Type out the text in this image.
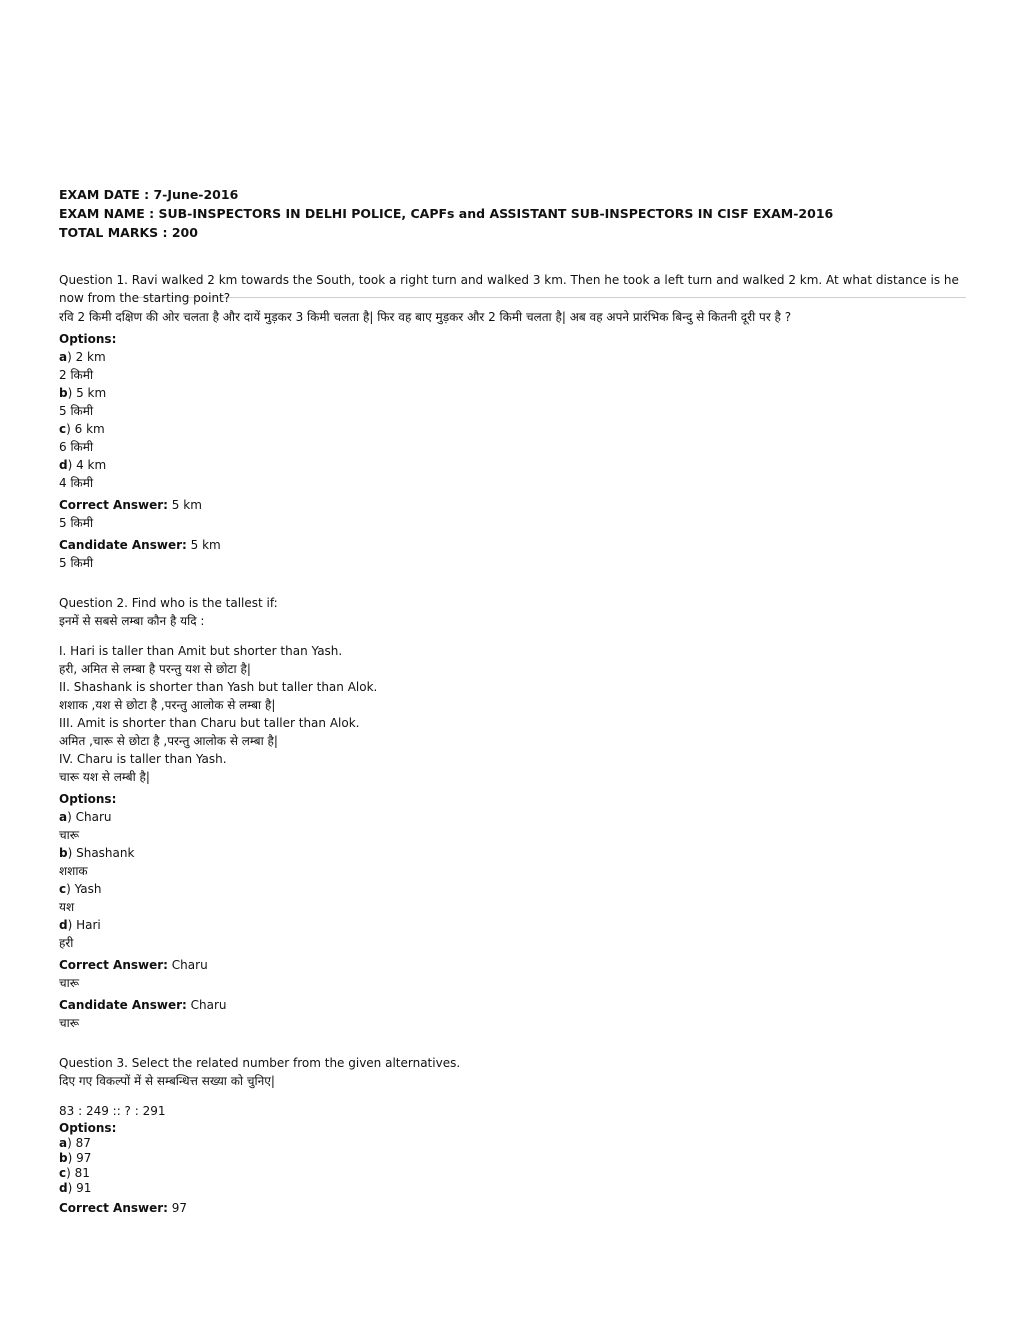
EXAM DATE : 7-June-2016
EXAM NAME : SUB-INSPECTORS IN DELHI POLICE, CAPFs and ASSISTANT SUB-INSPECTORS IN CISF EXAM-2016
TOTAL MARKS : 200
Question 1. Ravi walked 2 km towards the South, took a right turn and walked 3 km. Then he took a left turn and walked 2 km. At what distance is he now from the starting point?
रवि 2 किमी दक्षिण की ओर चलता है और दायें मुड़कर 3 किमी चलता है| फिर वह बाए मुड़कर और 2 किमी चलता है| अब वह अपने प्रारंभिक बिन्दु से कितनी दूरी पर है ?
Options:
a) 2 km
2 किमी
b) 5 km
5 किमी
c) 6 km
6 किमी
d) 4 km
4 किमी
Correct Answer: 5 km
5 किमी
Candidate Answer: 5 km
5 किमी
Question 2. Find who is the tallest if:
इनमें से सबसे लम्बा कौन है यदि :
I. Hari is taller than Amit but shorter than Yash.
हरी, अमित से लम्बा है परन्तु यश से छोटा है|
II. Shashank is shorter than Yash but taller than Alok.
शशाक ,यश से छोटा है ,परन्तु आलोक से लम्बा है|
III. Amit is shorter than Charu but taller than Alok.
अमित ,चारू से छोटा है ,परन्तु आलोक से लम्बा है|
IV. Charu is taller than Yash.
चारू यश से लम्बी है|
Options:
a) Charu
चारू
b) Shashank
शशाक
c) Yash
यश
d) Hari
हरी
Correct Answer: Charu
चारू
Candidate Answer: Charu
चारू
Question 3. Select the related number from the given alternatives.
दिए गए विकल्पों में से सम्बन्धित्त सख्या को चुनिए|
83 : 249 :: ? : 291
Options:
a) 87
b) 97
c) 81
d) 91
Correct Answer: 97
